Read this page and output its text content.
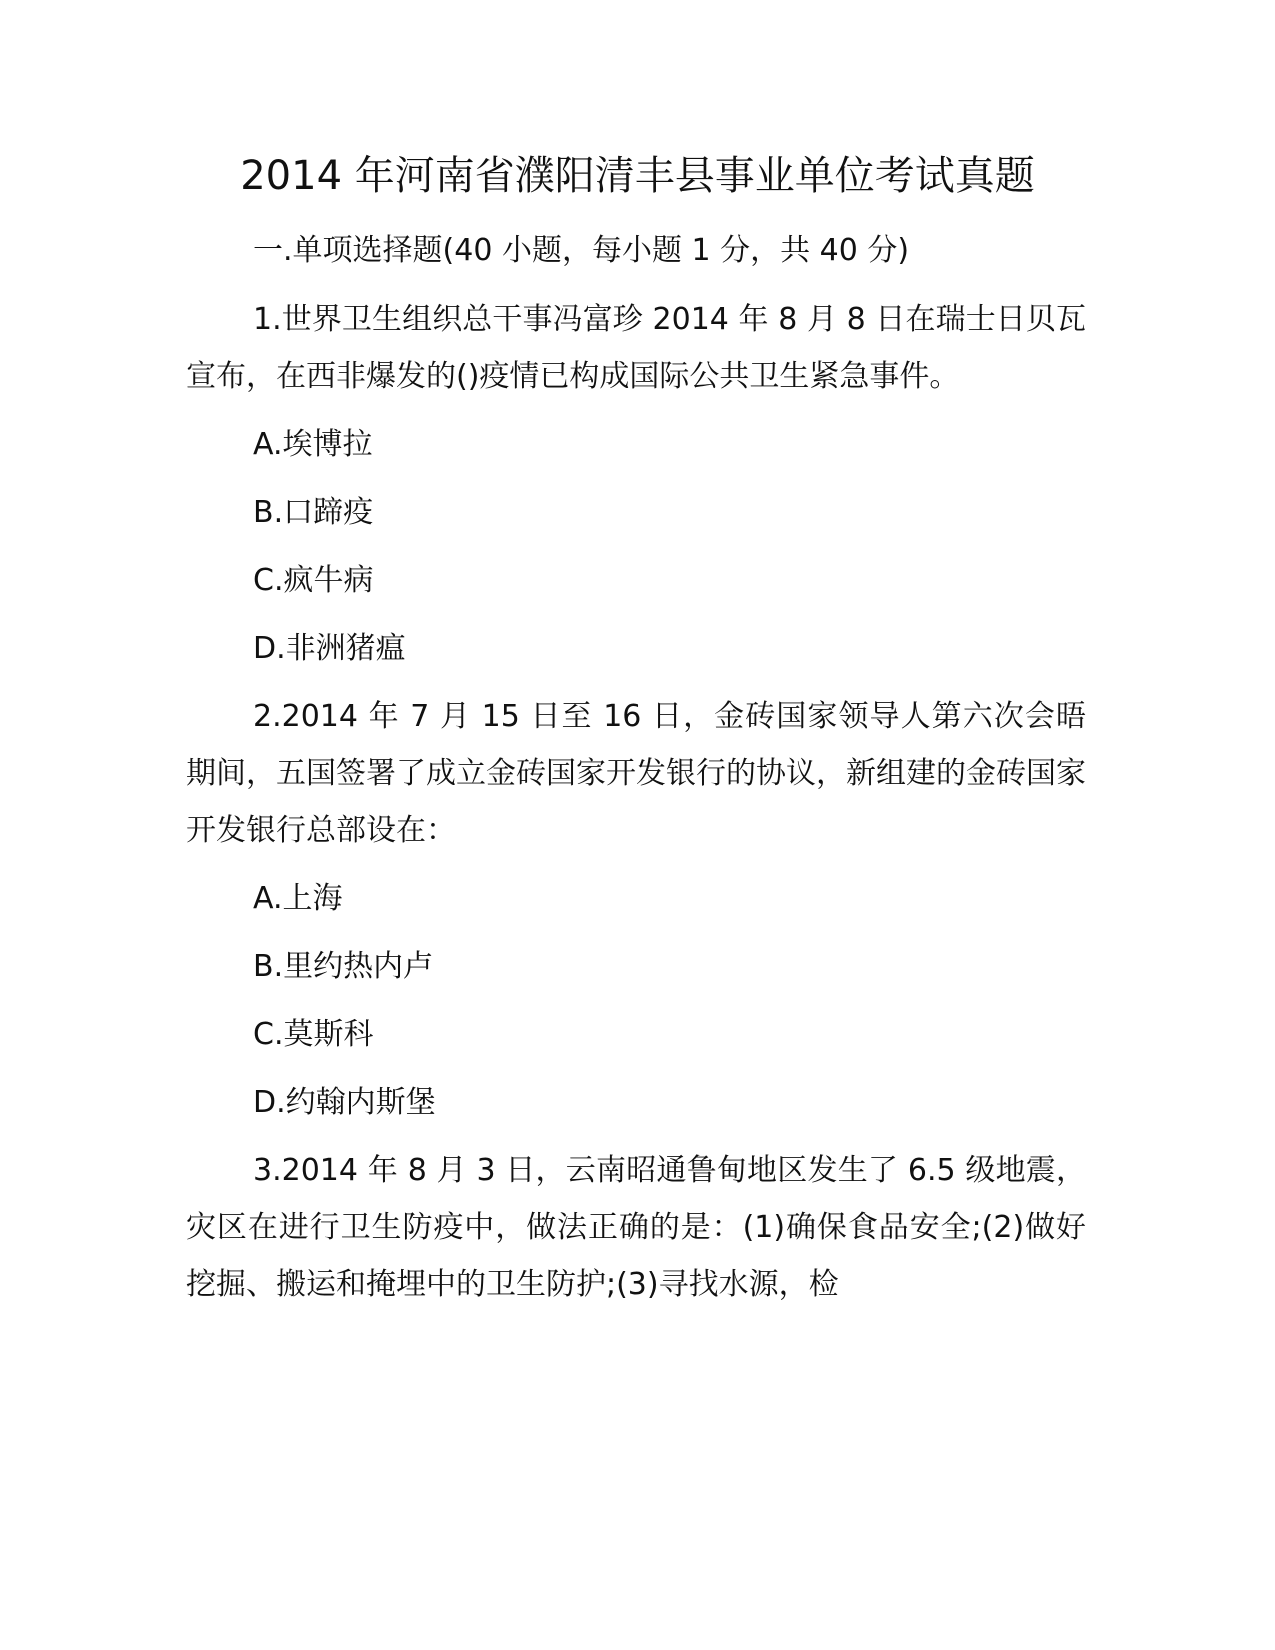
2014 年河南省濮阳清丰县事业单位考试真题

一.单项选择题(40 小题，每小题 1 分，共 40 分)

1.世界卫生组织总干事冯富珍 2014 年 8 月 8 日在瑞士日贝瓦宣布，在西非爆发的()疫情已构成国际公共卫生紧急事件。

A.埃博拉

B.口蹄疫

C.疯牛病

D.非洲猪瘟

2.2014 年 7 月 15 日至 16 日，金砖国家领导人第六次会晤期间，五国签署了成立金砖国家开发银行的协议，新组建的金砖国家开发银行总部设在：

A.上海

B.里约热内卢

C.莫斯科

D.约翰内斯堡

3.2014 年 8 月 3 日，云南昭通鲁甸地区发生了 6.5 级地震，灾区在进行卫生防疫中，做法正确的是：(1)确保食品安全;(2)做好挖掘、搬运和掩埋中的卫生防护;(3)寻找水源，检
